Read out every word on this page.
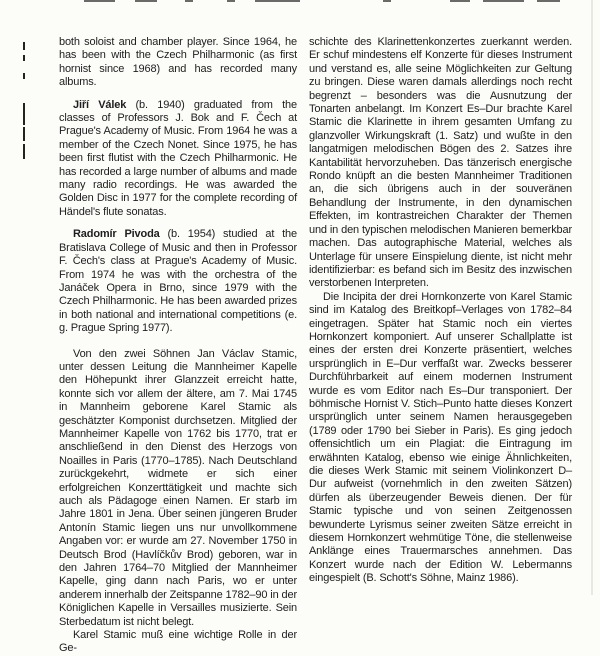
both soloist and chamber player. Since 1964, he has been with the Czech Philharmonic (as first hornist since 1968) and has recorded many albums.

Jiří Válek (b. 1940) graduated from the classes of Professors J. Bok and F. Čech at Prague's Academy of Music. From 1964 he was a member of the Czech Nonet. Since 1975, he has been first flutist with the Czech Philharmonic. He has recorded a large number of albums and made many radio recordings. He was awarded the Golden Disc in 1977 for the complete recording of Händel's flute sonatas.

Radomír Pivoda (b. 1954) studied at the Bratislava College of Music and then in Professor F. Čech's class at Prague's Academy of Music. From 1974 he was with the orchestra of the Janáček Opera in Brno, since 1979 with the Czech Philharmonic. He has been awarded prizes in both national and international competitions (e. g. Prague Spring 1977).

Von den zwei Söhnen Jan Václav Stamic, unter dessen Leitung die Mannheimer Kapelle den Höhepunkt ihrer Glanzzeit erreicht hatte, konnte sich vor allem der ältere, am 7. Mai 1745 in Mannheim geborene Karel Stamic als geschätzter Komponist durchsetzen. Mitglied der Mannheimer Kapelle von 1762 bis 1770, trat er anschließend in den Dienst des Herzogs von Noailles in Paris (1770–1785). Nach Deutschland zurückgekehrt, widmete er sich einer erfolgreichen Konzerttätigkeit und machte sich auch als Pädagoge einen Namen. Er starb im Jahre 1801 in Jena. Über seinen jüngeren Bruder Antonín Stamic liegen uns nur unvollkommene Angaben vor: er wurde am 27. November 1750 in Deutsch Brod (Havlíčkův Brod) geboren, war in den Jahren 1764–70 Mitglied der Mannheimer Kapelle, ging dann nach Paris, wo er unter anderem innerhalb der Zeitspanne 1782–90 in der Königlichen Kapelle in Versailles musizierte. Sein Sterbedatum ist nicht belegt.

Karel Stamic muß eine wichtige Rolle in der Ge-

schichte des Klarinettenkonzertes zuerkannt werden. Er schuf mindestens elf Konzerte für dieses Instrument und verstand es, alle seine Möglichkeiten zur Geltung zu bringen. Diese waren damals allerdings noch recht begrenzt – besonders was die Ausnutzung der Tonarten anbelangt. Im Konzert Es–Dur brachte Karel Stamic die Klarinette in ihrem gesamten Umfang zu glanzvoller Wirkungskraft (1. Satz) und wußte in den langatmigen melodischen Bögen des 2. Satzes ihre Kantabilität hervorzuheben. Das tänzerisch energische Rondo knüpft an die besten Mannheimer Traditionen an, die sich übrigens auch in der souveränen Behandlung der Instrumente, in den dynamischen Effekten, im kontrastreichen Charakter der Themen und in den typischen melodischen Manieren bemerkbar machen. Das autographische Material, welches als Unterlage für unsere Einspielung diente, ist nicht mehr identifizierbar: es befand sich im Besitz des inzwischen verstorbenen Interpreten.

Die Incipita der drei Hornkonzerte von Karel Stamic sind im Katalog des Breitkopf–Verlages von 1782–84 eingetragen. Später hat Stamic noch ein viertes Hornkonzert komponiert. Auf unserer Schallplatte ist eines der ersten drei Konzerte präsentiert, welches ursprünglich in E–Dur verffaßt war. Zwecks besserer Durchführbarkeit auf einem modernen Instrument wurde es vom Editor nach Es–Dur transponiert. Der böhmische Hornist V. Stich–Punto hatte dieses Konzert ursprünglich unter seinem Namen herausgegeben (1789 oder 1790 bei Sieber in Paris). Es ging jedoch offensichtlich um ein Plagiat: die Eintragung im erwähnten Katalog, ebenso wie einige Ähnlichkeiten, die dieses Werk Stamic mit seinem Violinkonzert D–Dur aufweist (vornehmlich in den zweiten Sätzen) dürfen als überzeugender Beweis dienen. Der für Stamic typische und von seinen Zeitgenossen bewunderte Lyrismus seiner zweiten Sätze erreicht in diesem Hornkonzert wehmütige Töne, die stellenweise Anklänge eines Trauermarsches annehmen. Das Konzert wurde nach der Edition W. Lebermanns eingespielt (B. Schott's Söhne, Mainz 1986).
